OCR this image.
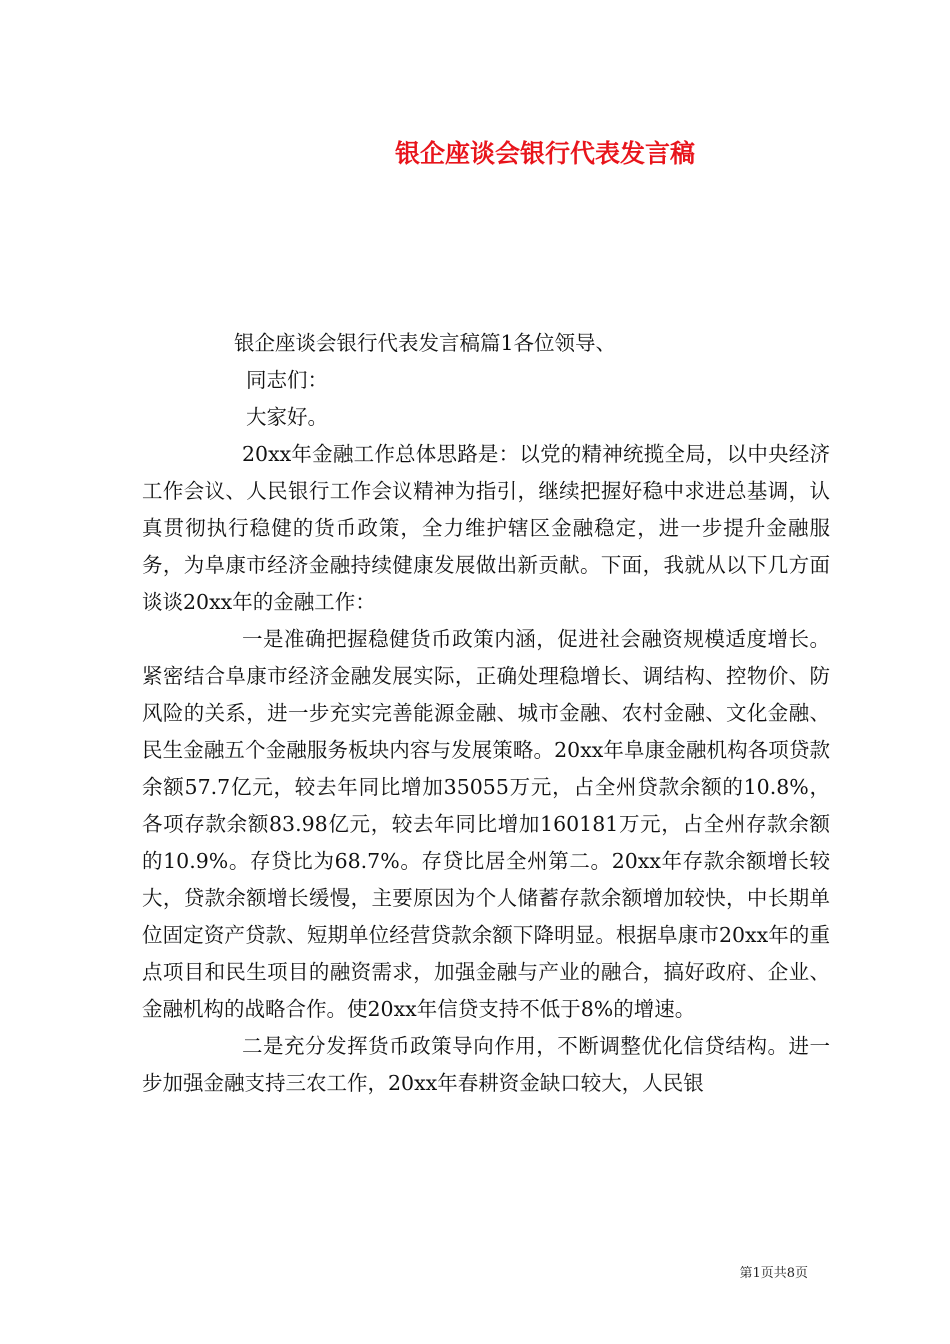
银企座谈会银行代表发言稿

银企座谈会银行代表发言稿篇1各位领导、

同志们：

大家好。

20xx年金融工作总体思路是：以党的精神统揽全局，以中央经济工作会议、人民银行工作会议精神为指引，继续把握好稳中求进总基调，认真贯彻执行稳健的货币政策，全力维护辖区金融稳定，进一步提升金融服务，为阜康市经济金融持续健康发展做出新贡献。下面，我就从以下几方面谈谈20xx年的金融工作：

一是准确把握稳健货币政策内涵，促进社会融资规模适度增长。紧密结合阜康市经济金融发展实际，正确处理稳增长、调结构、控物价、防风险的关系，进一步充实完善能源金融、城市金融、农村金融、文化金融、民生金融五个金融服务板块内容与发展策略。20xx年阜康金融机构各项贷款余额57.7亿元，较去年同比增加35055万元，占全州贷款余额的10.8%，各项存款余额83.98亿元，较去年同比增加160181万元，占全州存款余额的10.9%。存贷比为68.7%。存贷比居全州第二。20xx年存款余额增长较大，贷款余额增长缓慢，主要原因为个人储蓄存款余额增加较快，中长期单位固定资产贷款、短期单位经营贷款余额下降明显。根据阜康市20xx年的重点项目和民生项目的融资需求，加强金融与产业的融合，搞好政府、企业、金融机构的战略合作。使20xx年信贷支持不低于8%的增速。

二是充分发挥货币政策导向作用，不断调整优化信贷结构。进一步加强金融支持三农工作，20xx年春耕资金缺口较大，人民银

第1页共8页
